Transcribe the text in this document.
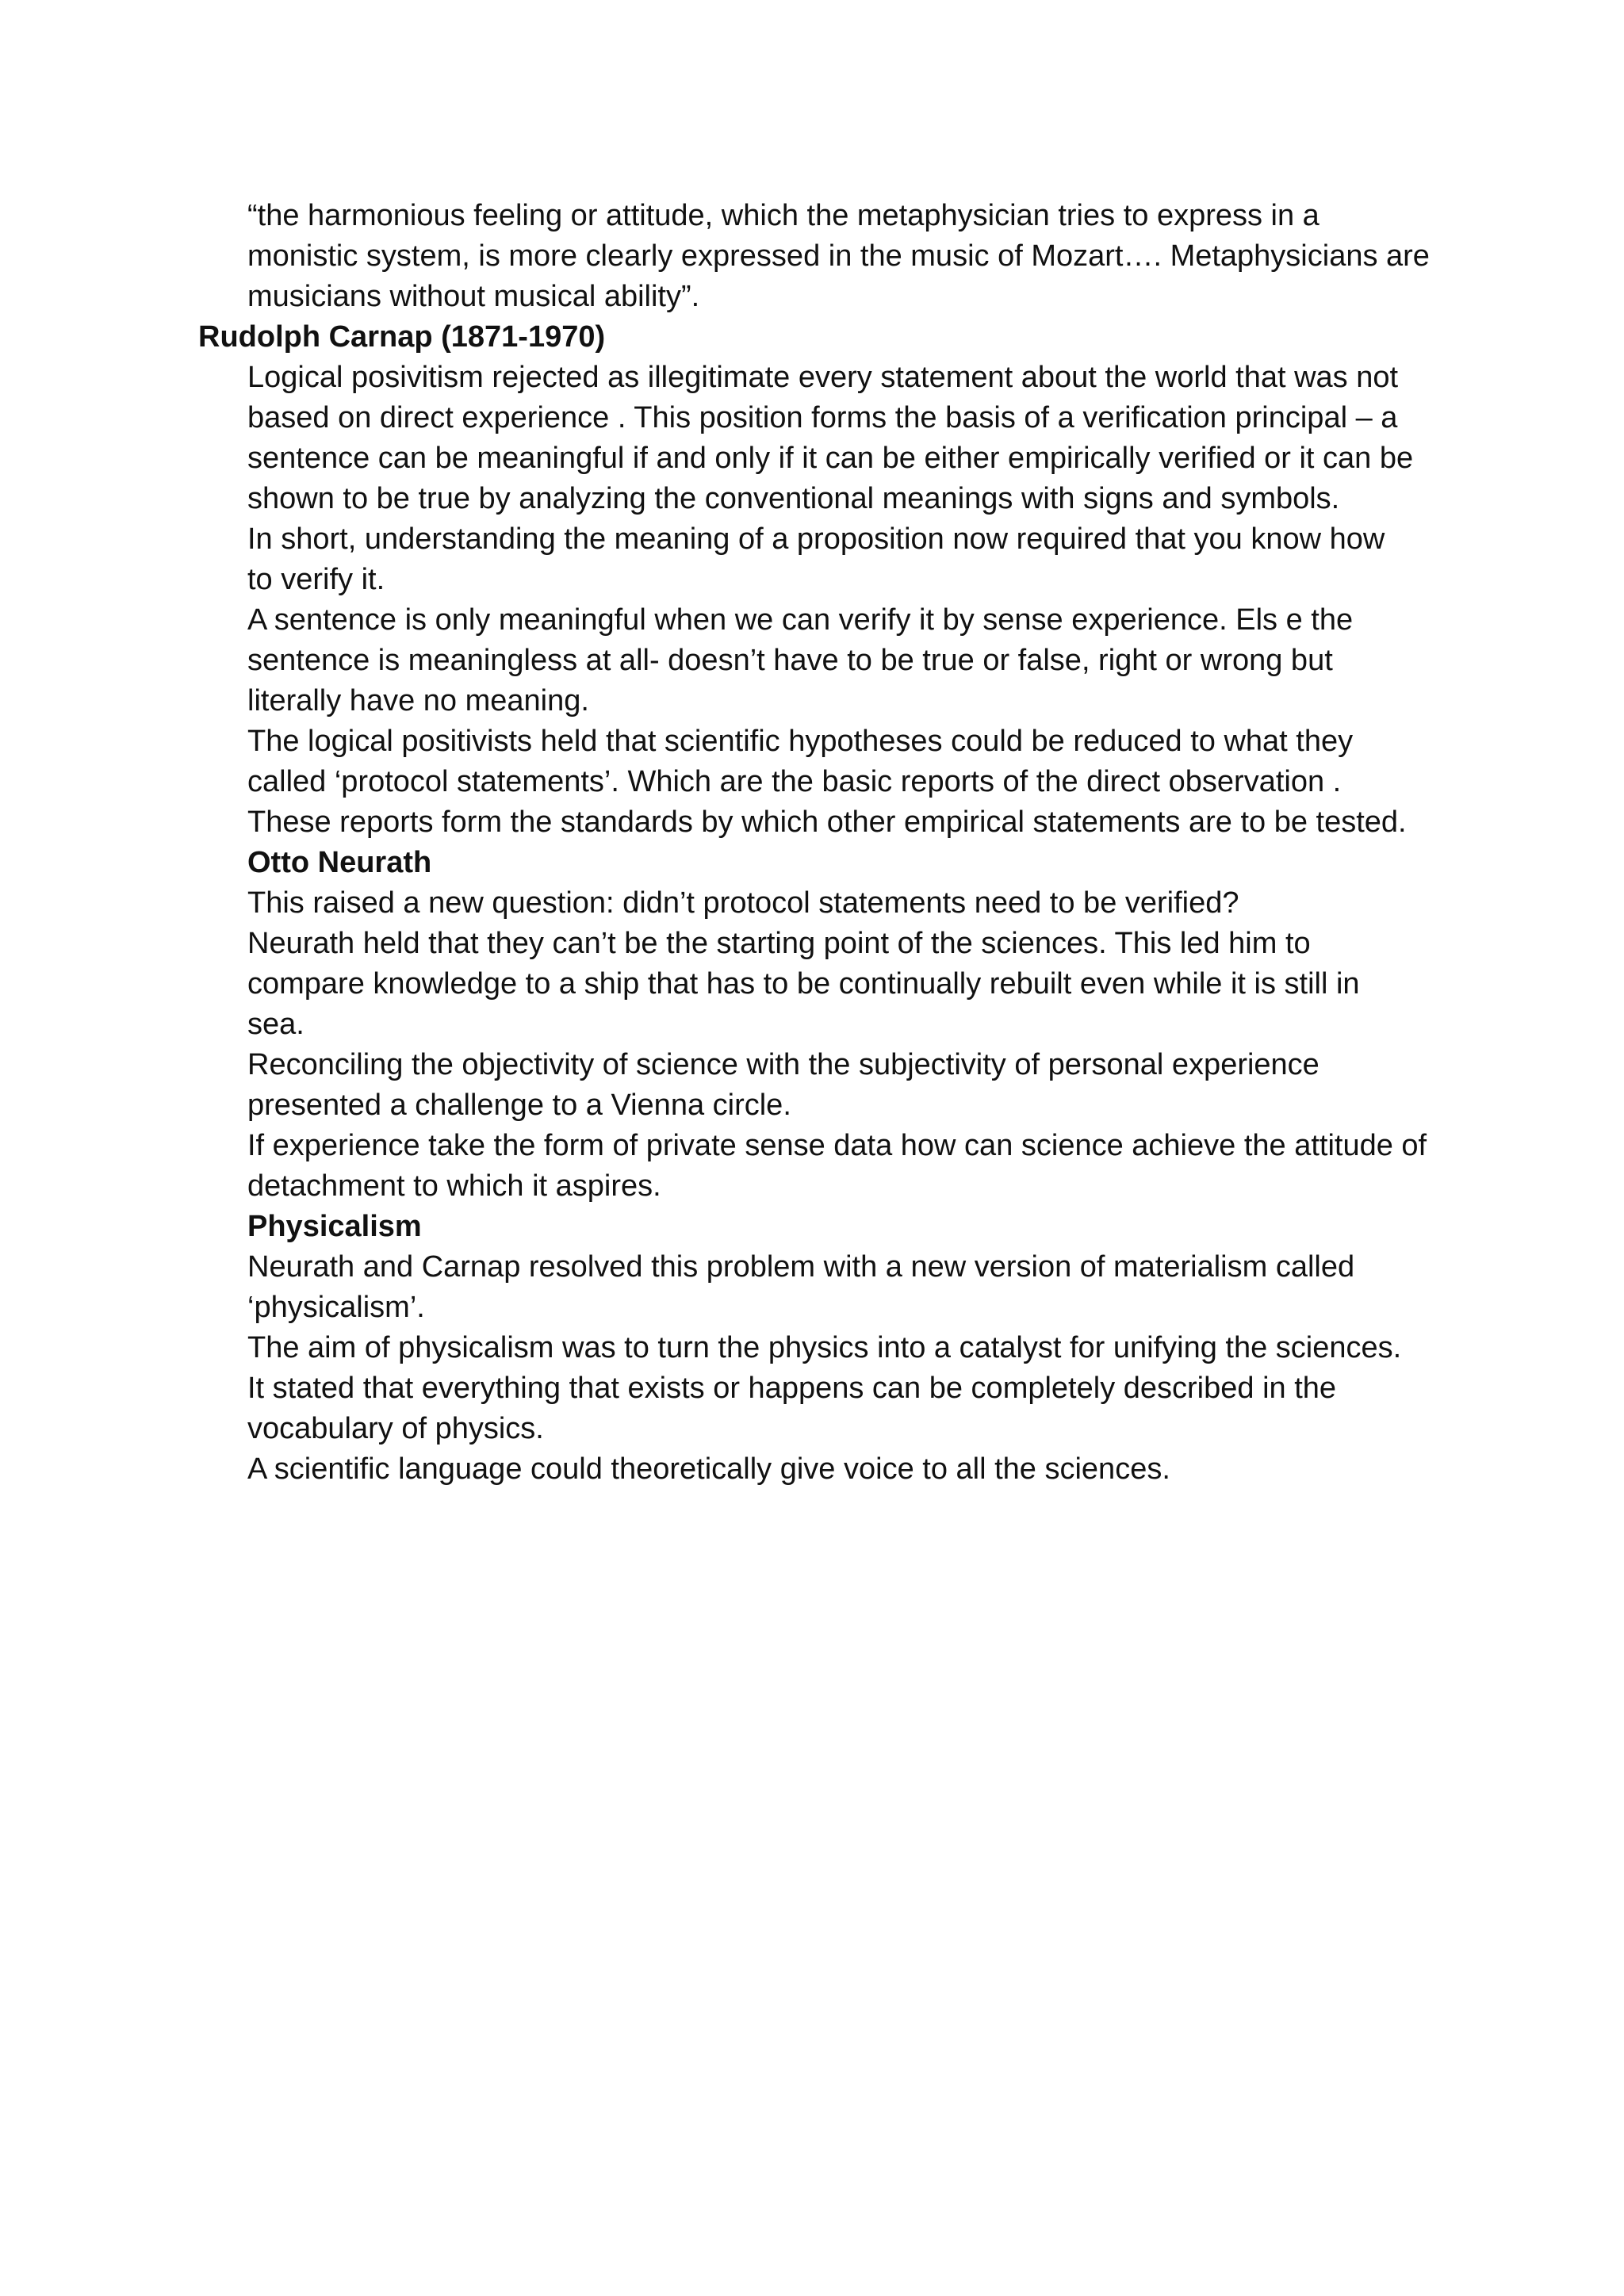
“the harmonious feeling or attitude, which the metaphysician tries to express in a
monistic system, is more clearly expressed in the music of Mozart…. Metaphysicians are
musicians without musical ability”.
Rudolph Carnap (1871-1970)
Logical posivitism rejected as illegitimate every statement about the world that was not
based on direct experience . This position forms the basis of a verification principal – a
sentence can be meaningful if and only if it can be either empirically verified or it can be
shown to be true by analyzing the conventional meanings with signs and symbols.
In short, understanding the meaning of a proposition now required that you know how
to verify it.
A sentence is only meaningful when we can verify it by sense experience. Els e the
sentence is meaningless at all- doesn’t have to be true or false, right or wrong but
literally have no meaning.
The logical positivists held that scientific hypotheses could be reduced to what they
called ‘protocol statements’. Which are the basic reports of the direct observation .
These reports form the standards by which other empirical statements are to be tested.
Otto Neurath
This raised a new question: didn’t protocol statements need to be verified?
Neurath held that they can’t be the starting point of the sciences. This led him to
compare knowledge to a ship that has to be continually rebuilt even while it is still in
sea.
Reconciling the objectivity of science with the subjectivity of personal experience
presented a challenge to a Vienna circle.
If experience take the form of private sense data how can science achieve the attitude of
detachment to which it aspires.
Physicalism
Neurath and Carnap resolved this problem with a new version of materialism called
‘physicalism’.
The aim of physicalism was to turn the physics into a catalyst for unifying the sciences.
It stated that everything that exists or happens can be completely described in the
vocabulary of physics.
A scientific language could theoretically give voice to all the sciences.
